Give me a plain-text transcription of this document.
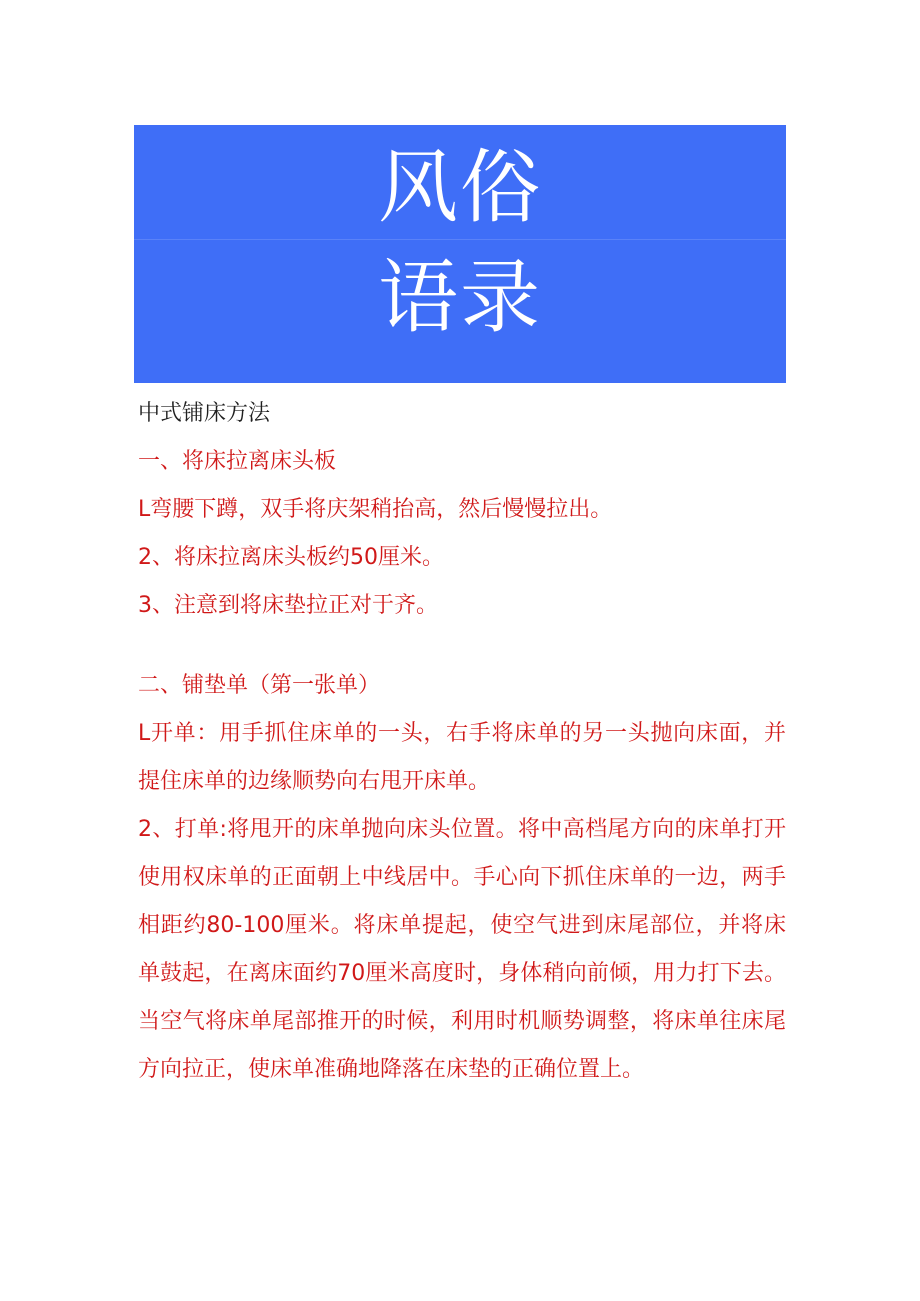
风俗
语录
中式铺床方法
一、将床拉离床头板
L弯腰下蹲，双手将庆架稍抬高，然后慢慢拉出。
2、将床拉离床头板约50厘米。
3、注意到将床垫拉正对于齐。
二、铺垫单（第一张单）

L开单：用手抓住床单的一头，右手将床单的另一头抛向床面，并提住床单的边缘顺势向右甩开床单。

2、打单:将甩开的床单抛向床头位置。将中高档尾方向的床单打开使用权床单的正面朝上中线居中。手心向下抓住床单的一边，两手相距约80-100厘米。将床单提起，使空气进到床尾部位，并将床单鼓起，在离床面约70厘米高度时，身体稍向前倾，用力打下去。当空气将床单尾部推开的时候，利用时机顺势调整，将床单往床尾方向拉正，使床单准确地降落在床垫的正确位置上。
